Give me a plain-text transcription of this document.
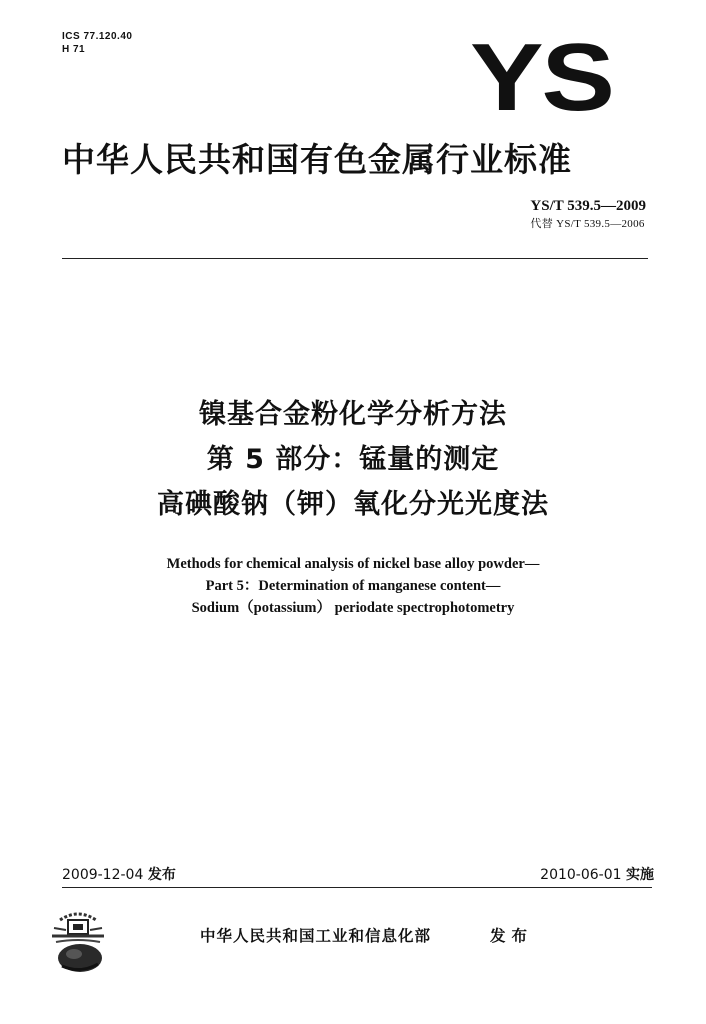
ICS 77.120.40
H 71	YS
中华人民共和国有色金属行业标准
YS/T 539.5—2009
代替 YS/T 539.5—2006
镍基合金粉化学分析方法
第 5 部分：锰量的测定
高碘酸钠（钾）氧化分光光度法
Methods for chemical analysis of nickel base alloy powder—
Part 5：Determination of manganese content—
Sodium（potassium） periodate spectrophotometry
2009-12-04 发布	2010-06-01 实施
中华人民共和国工业和信息化部	发布
